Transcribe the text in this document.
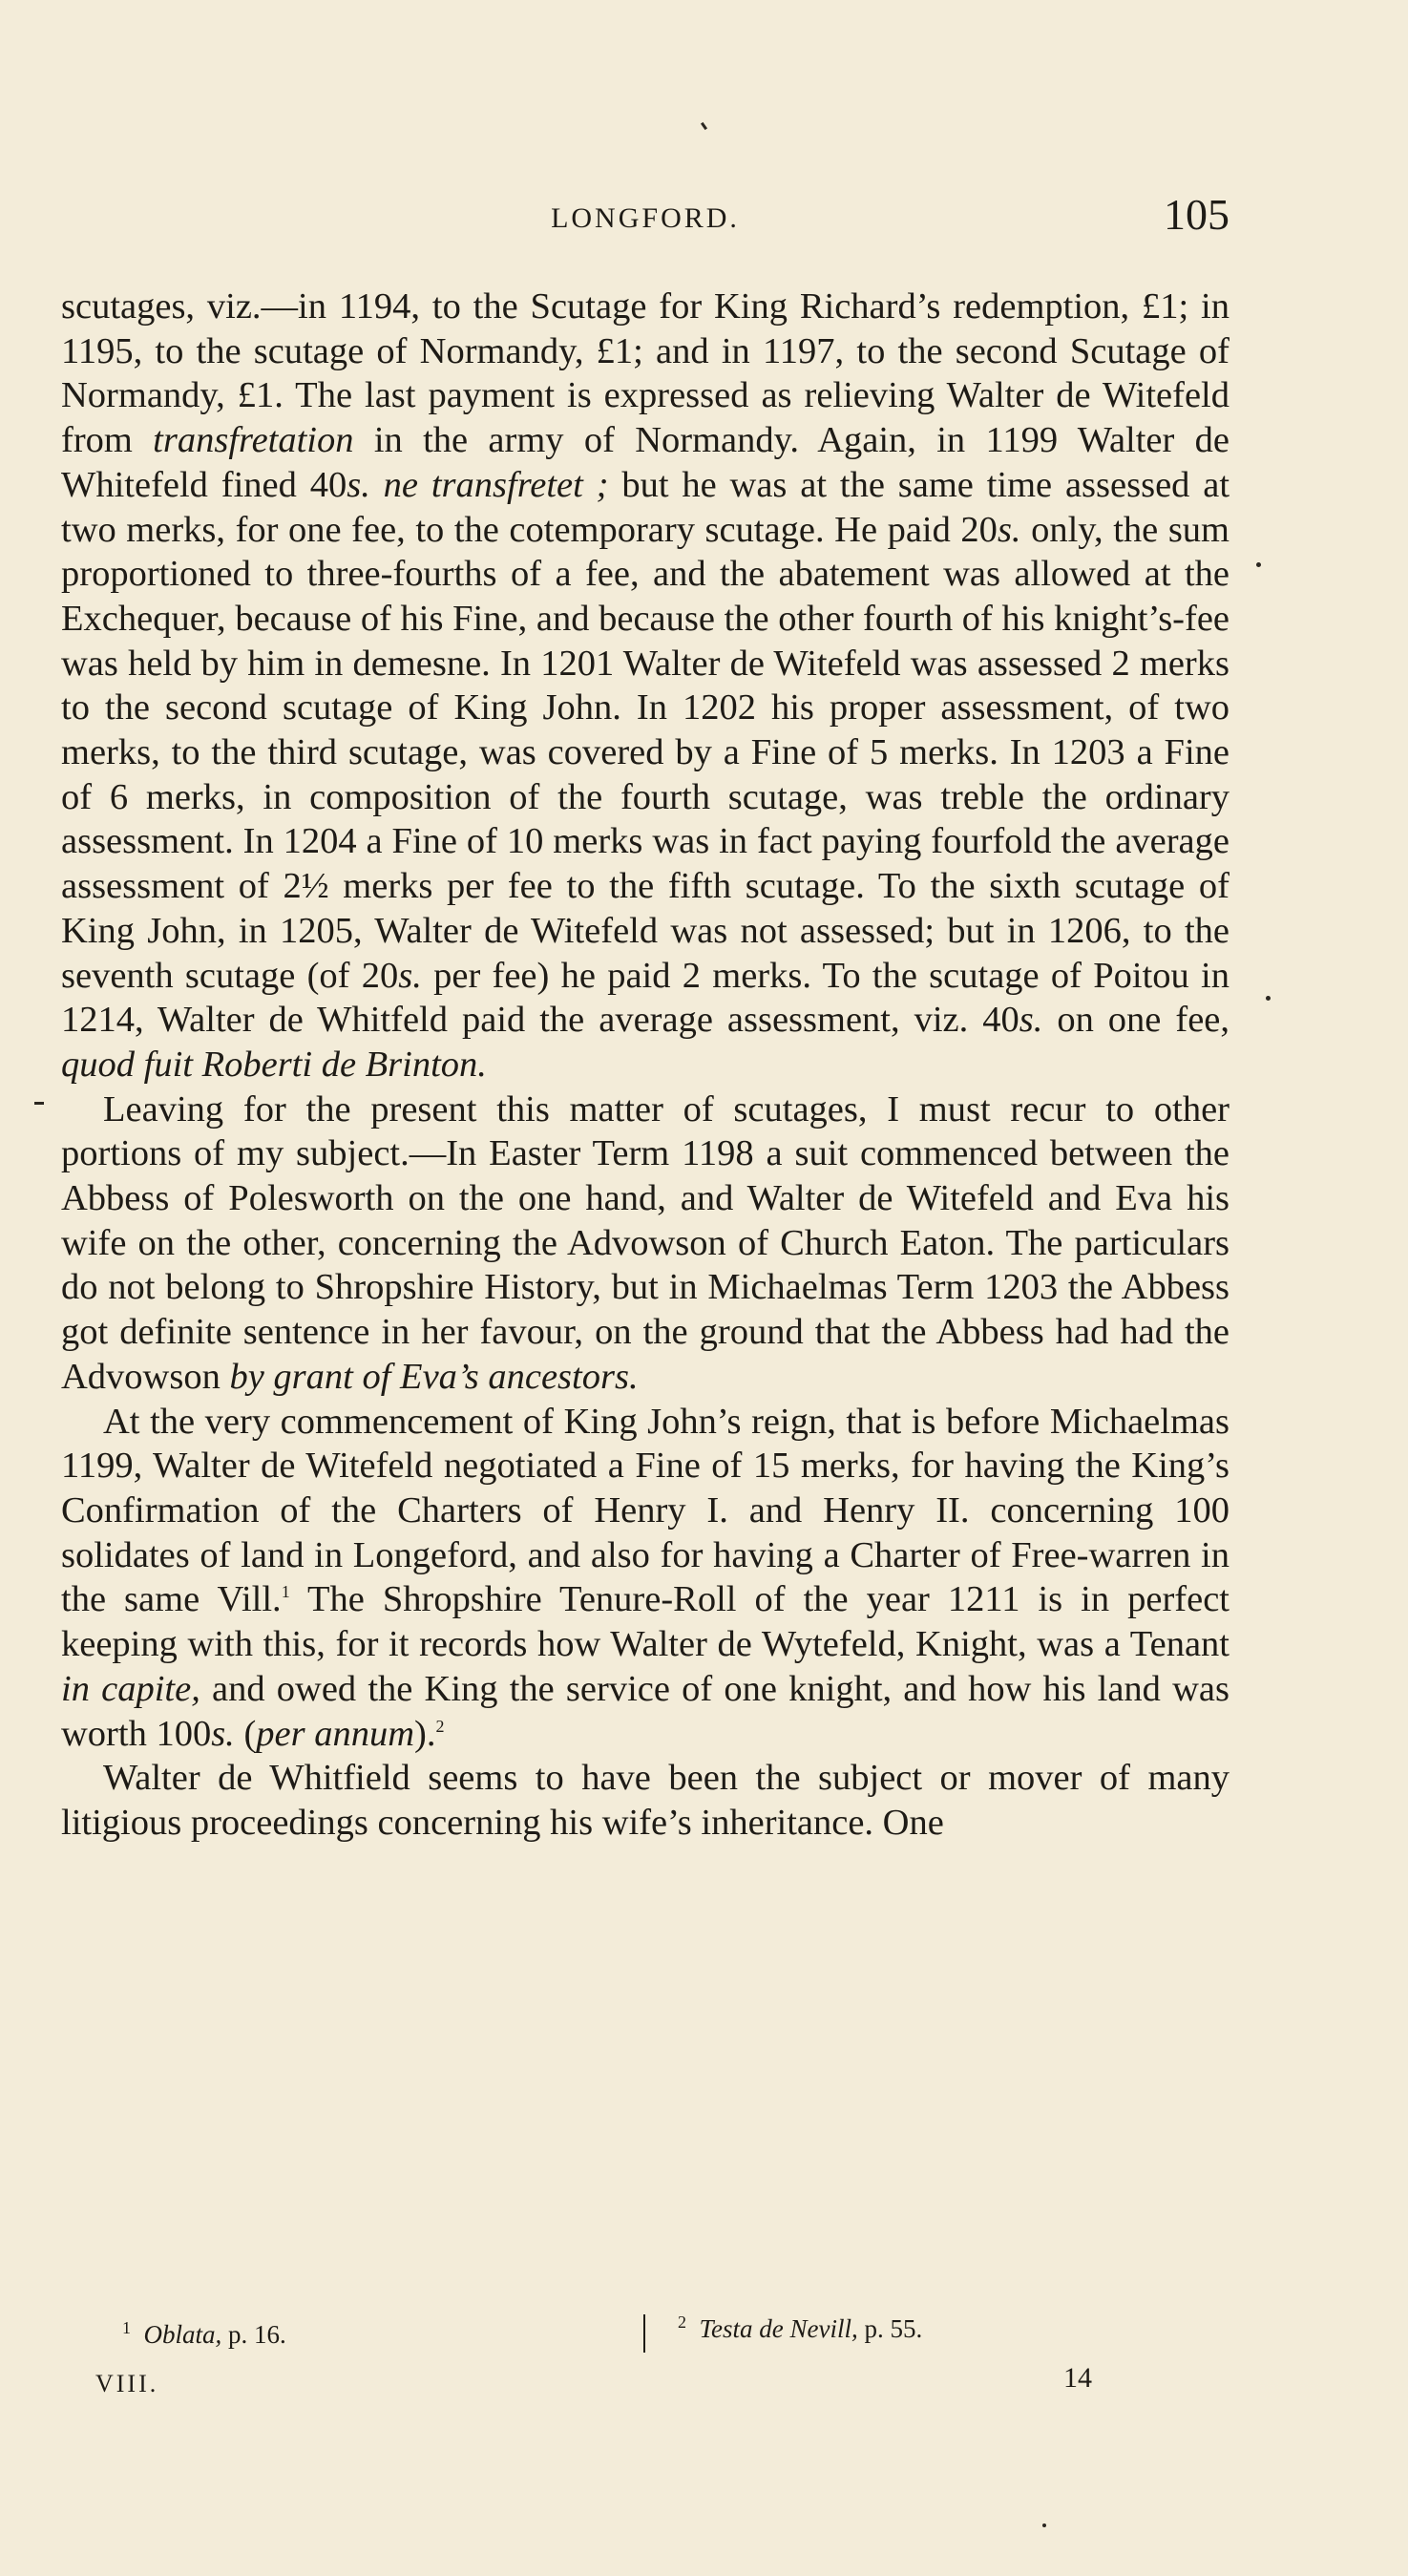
LONGFORD.	105

scutages, viz.—in 1194, to the Scutage for King Richard’s redemption, £1; in 1195, to the scutage of Normandy, £1; and in 1197, to the second Scutage of Normandy, £1. The last payment is expressed as relieving Walter de Witefeld from transfretation in the army of Normandy. Again, in 1199 Walter de Whitefeld fined 40s. ne transfretet ; but he was at the same time assessed at two merks, for one fee, to the cotemporary scutage. He paid 20s. only, the sum proportioned to three-fourths of a fee, and the abatement was allowed at the Exchequer, because of his Fine, and because the other fourth of his knight’s-fee was held by him in demesne. In 1201 Walter de Witefeld was assessed 2 merks to the second scutage of King John. In 1202 his proper assessment, of two merks, to the third scutage, was covered by a Fine of 5 merks. In 1203 a Fine of 6 merks, in composition of the fourth scutage, was treble the ordinary assessment. In 1204 a Fine of 10 merks was in fact paying fourfold the average assessment of 2½ merks per fee to the fifth scutage. To the sixth scutage of King John, in 1205, Walter de Witefeld was not assessed; but in 1206, to the seventh scutage (of 20s. per fee) he paid 2 merks. To the scutage of Poitou in 1214, Walter de Whitfeld paid the average assessment, viz. 40s. on one fee, quod fuit Roberti de Brinton.

Leaving for the present this matter of scutages, I must recur to other portions of my subject.—In Easter Term 1198 a suit commenced between the Abbess of Polesworth on the one hand, and Walter de Witefeld and Eva his wife on the other, concerning the Advowson of Church Eaton. The particulars do not belong to Shropshire History, but in Michaelmas Term 1203 the Abbess got definite sentence in her favour, on the ground that the Abbess had had the Advowson by grant of Eva’s ancestors.

At the very commencement of King John’s reign, that is before Michaelmas 1199, Walter de Witefeld negotiated a Fine of 15 merks, for having the King’s Confirmation of the Charters of Henry I. and Henry II. concerning 100 solidates of land in Longeford, and also for having a Charter of Free-warren in the same Vill.$^1$ The Shropshire Tenure-Roll of the year 1211 is in perfect keeping with this, for it records how Walter de Wytefeld, Knight, was a Tenant in capite, and owed the King the service of one knight, and how his land was worth 100s. (per annum).$^2$

Walter de Whitfield seems to have been the subject or mover of many litigious proceedings concerning his wife’s inheritance. One

$^1$ Oblata, p. 16.	$^2$ Testa de Nevill, p. 55.
VIII.	14
